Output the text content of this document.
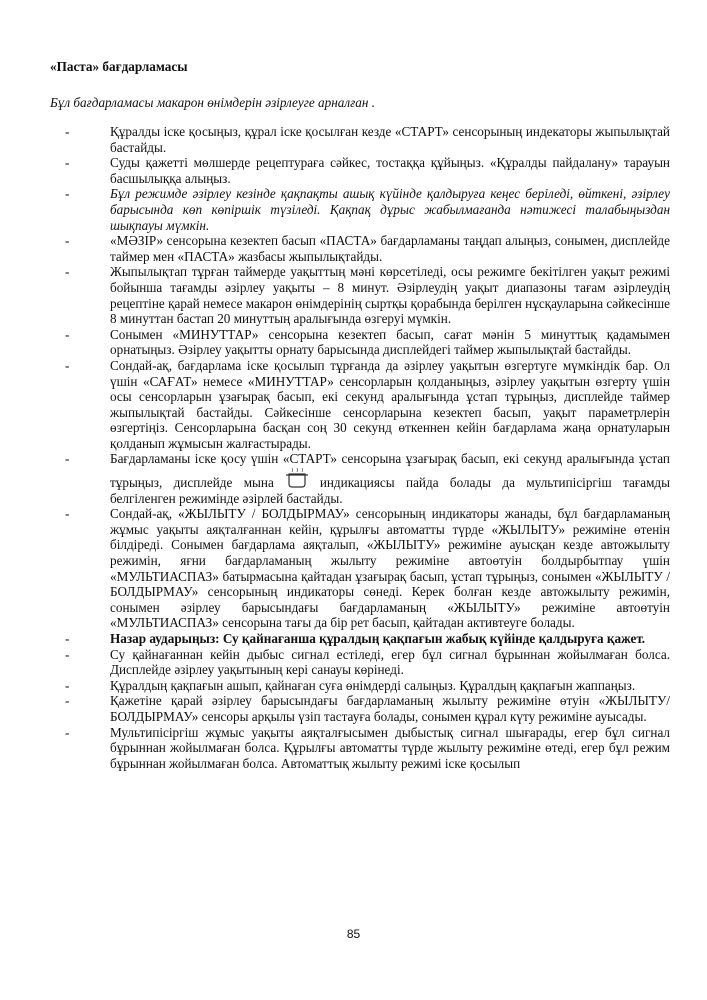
«Паста» бағдарламасы

Бұл бағдарламасы макарон өнімдерін әзірлеуге арналған .

-	Құралды іске қосыңыз, құрал іске қосылған кезде «СТАРТ» сенсорының индекаторы жыпылықтай бастайды.
-	Суды қажетті мөлшерде рецептураға сәйкес, тостаққа құйыңыз. «Құралды пайдалану» тарауын басшылыққа алыңыз.
-	Бұл режимде әзірлеу кезінде қақпақты ашық күйінде қалдыруға кеңес беріледі, өйткені, әзірлеу барысында көп көпіршік түзіледі. Қақпақ дұрыс жабылмағанда нәтижесі талабыңыздан шықпауы мүмкін.
-	«МӘЗІР» сенсорына кезектеп басып «ПАСТА» бағдарламаны таңдап алыңыз, сонымен, дисплейде таймер мен «ПАСТА» жазбасы жыпылықтайды.
-	Жыпылықтап тұрған таймерде уақыттың мәні көрсетіледі, осы режимге бекітілген уақыт режимі бойынша тағамды әзірлеу уақыты – 8 минут. Әзірлеудің уақыт диапазоны тағам әзірлеудің рецептіне қарай немесе макарон өнімдерінің сыртқы қорабында берілген нұсқауларына сәйкесінше 8 минуттан бастап 20 минуттың аралығында өзгеруі мүмкін.
-	Сонымен «МИНУТТАР» сенсорына кезектеп басып, сағат мәнін 5 минуттық қадамымен орнатыңыз. Әзірлеу уақытты орнату барысында дисплейдегі таймер жыпылықтай бастайды.
-	Сондай-ақ, бағдарлама іске қосылып тұрғанда да әзірлеу уақытын өзгертуге мүмкіндік бар. Ол үшін «САҒАТ» немесе «МИНУТТАР» сенсорларын қолданыңыз, әзірлеу уақытын өзгерту үшін осы сенсорларын ұзағырақ басып, екі секунд аралығында ұстап тұрыңыз, дисплейде таймер жыпылықтай бастайды. Сәйкесінше сенсорларына кезектеп басып, уақыт параметрлерін өзгертіңіз. Сенсорларына басқан соң 30 секунд өткеннен кейін бағдарлама жаңа орнатуларын қолданып жұмысын жалғастырады.
-	Бағдарламаны іске қосу үшін «СТАРТ» сенсорына ұзағырақ басып, екі секунд аралығында ұстап тұрыңыз, дисплейде мына	индикациясы пайда болады да мультипісіргіш тағамды белгіленген режимінде әзірлей бастайды.
-	Сондай-ақ, «ЖЫЛЫТУ / БОЛДЫРМАУ» сенсорының индикаторы жанады, бұл бағдарламаның жұмыс уақыты аяқталғаннан кейін, құрылғы автоматты түрде «ЖЫЛЫТУ» режиміне өтенін білдіреді. Сонымен бағдарлама аяқталып, «ЖЫЛЫТУ» режиміне ауысқан кезде автожылыту режимін, яғни бағдарламаның жылыту режиміне автоөтуін болдырбытпау үшін «МУЛЬТИАСПАЗ» батырмасына қайтадан ұзағырақ басып, ұстап тұрыңыз, сонымен «ЖЫЛЫТУ / БОЛДЫРМАУ» сенсорының индикаторы сөнеді. Керек болған кезде автожылыту режимін, сонымен әзірлеу барысындағы бағдарламаның «ЖЫЛЫТУ» режиміне автоөтуін «МУЛЬТИАСПАЗ» сенсорына тағы да бір рет басып, қайтадан активтеугe болады.
-	Назар аударыңыз: Су қайнағанша құралдың қақпағын жабық күйінде қалдыруға қажет.
-	Су қайнағаннан кейін дыбыс сигнал естіледі, егер бұл сигнал бұрыннан жойылмаған болса. Дисплейде әзірлеу уақытының кері санауы көрінеді.
-	Құралдың қақпағын ашып, қайнаған суға өнімдерді салыңыз. Құралдың қақпағын жаппаңыз.
-	Қажетіне қарай әзірлеу барысындағы бағдарламаның жылыту режиміне өтуін «ЖЫЛЫТУ/БОЛДЫРМАУ» сенсоры арқылы үзіп тастауға болады, сонымен құрал күту режиміне ауысады.
-	Мультипісіргіш жұмыс уақыты аяқталғысымен дыбыстық сигнал шығарады, егер бұл сигнал бұрыннан жойылмаған болса. Құрылғы автоматты түрде жылыту режиміне өтеді, егер бұл режим бұрыннан жойылмаған болса. Автоматтық жылыту режимі іске қосылып
85
